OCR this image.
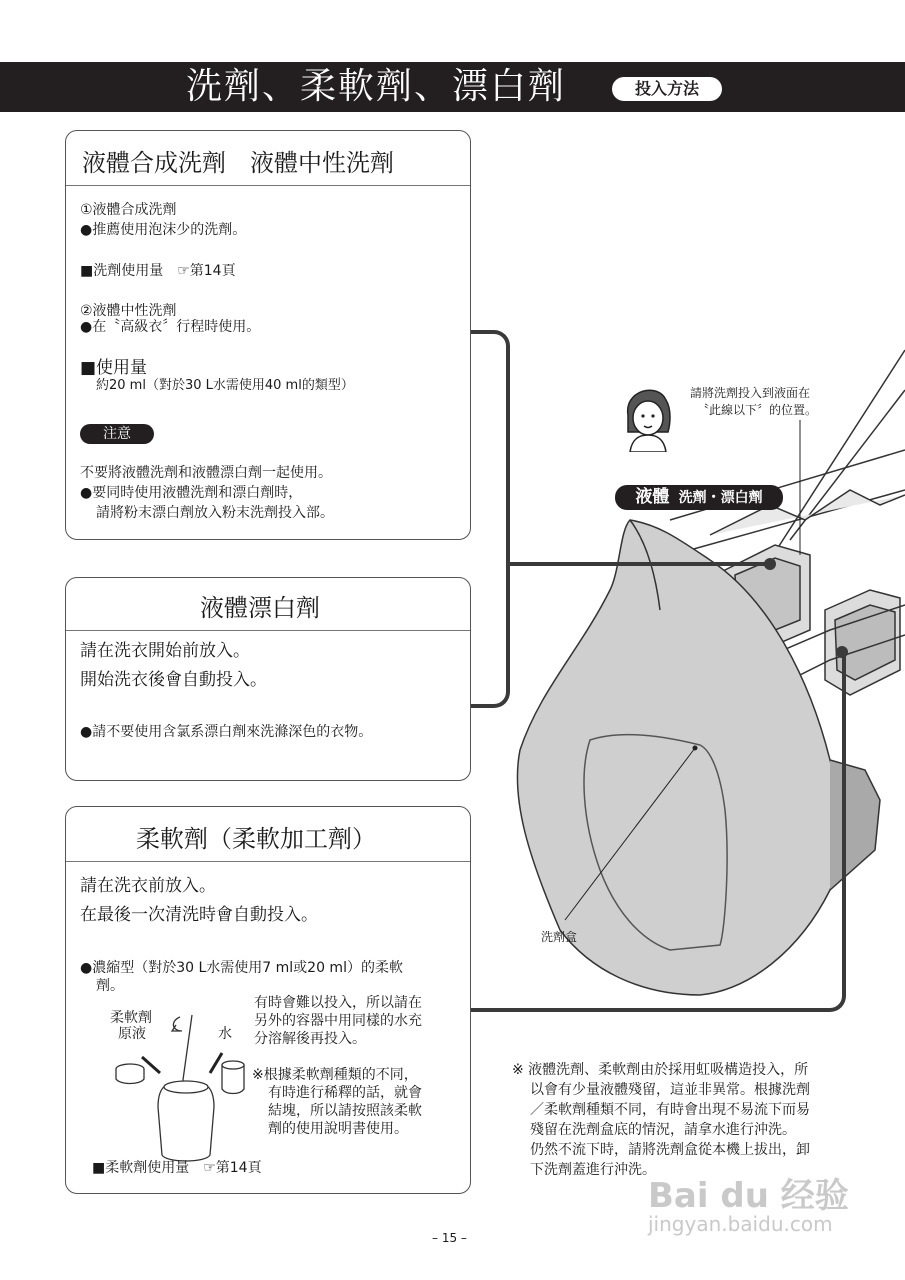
洗劑、柔軟劑、漂白劑	投入方法
請將洗劑投入到液面在
〝此線以下〞的位置。
液體 洗劑・漂白劑
洗劑盒
液體合成洗劑　液體中性洗劑
①液體合成洗劑
●推薦使用泡沫少的洗劑。
■洗劑使用量　☞第14頁
②液體中性洗劑
●在〝高級衣〞行程時使用。
■使用量
約20 ml（對於30 L水需使用40 ml的類型）
注意
不要將液體洗劑和液體漂白劑一起使用。
●要同時使用液體洗劑和漂白劑時，
請將粉末漂白劑放入粉末洗劑投入部。
液體漂白劑
請在洗衣開始前放入。
開始洗衣後會自動投入。
●請不要使用含氯系漂白劑來洗滌深色的衣物。
柔軟劑（柔軟加工劑）
請在洗衣前放入。
在最後一次清洗時會自動投入。
●濃縮型（對於30 L水需使用7 ml或20 ml）的柔軟
劑。
柔軟劑
原液	水
有時會難以投入，所以請在
另外的容器中用同樣的水充
分溶解後再投入。
※根據柔軟劑種類的不同，
有時進行稀釋的話，就會
結塊，所以請按照該柔軟
劑的使用說明書使用。
■柔軟劑使用量　☞第14頁
※ 液體洗劑、柔軟劑由於採用虹吸構造投入，所
以會有少量液體殘留，這並非異常。根據洗劑
／柔軟劑種類不同，有時會出現不易流下而易
殘留在洗劑盒底的情況，請拿水進行沖洗。
仍然不流下時，請將洗劑盒從本機上拔出，卸
下洗劑蓋進行沖洗。
– 15 –
Bai du 经验
jingyan.baidu.com
